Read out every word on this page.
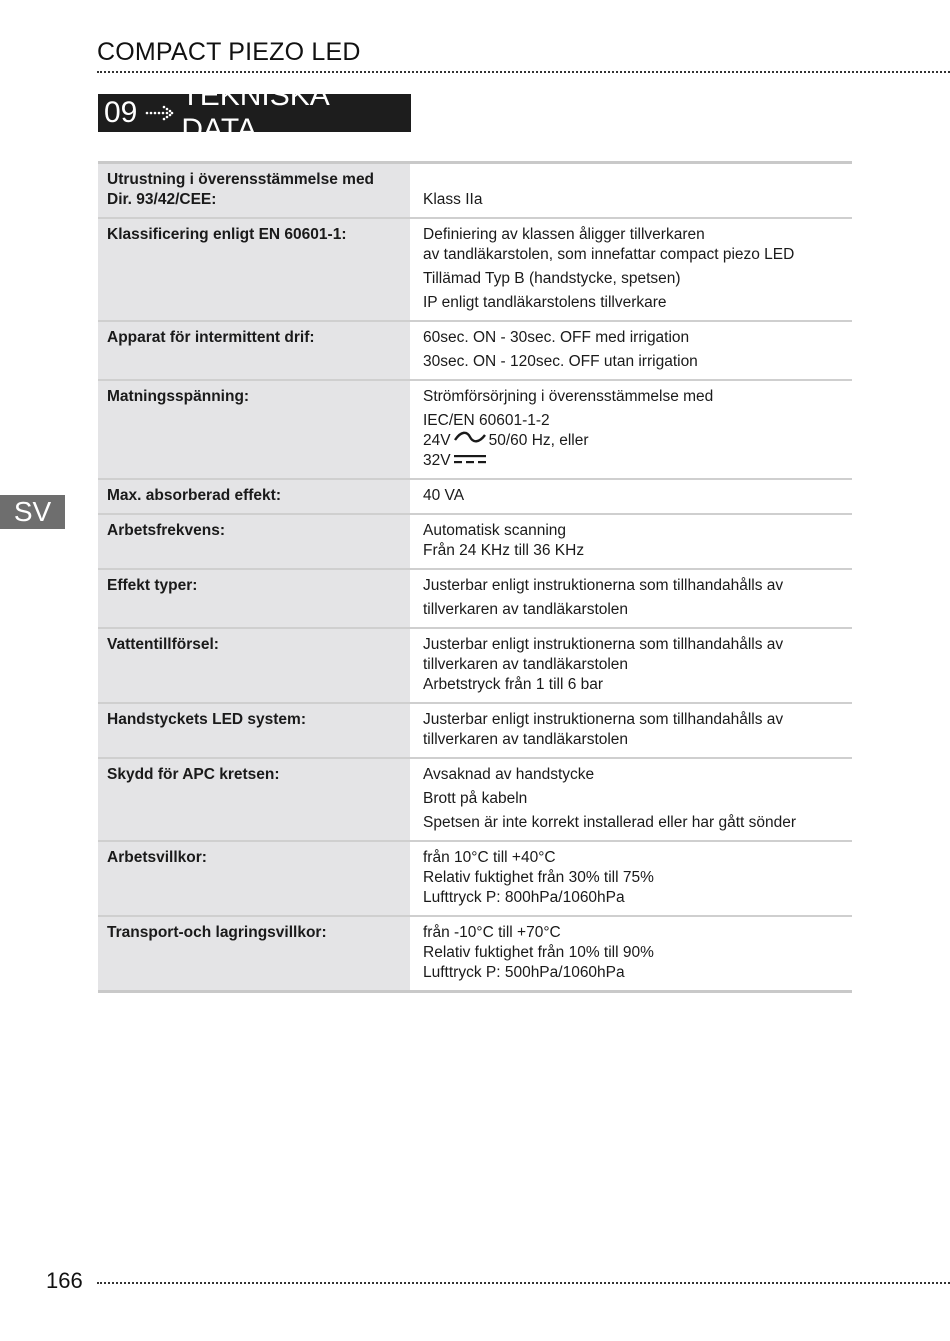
COMPACT PIEZO LED
09
TEKNISKA DATA
SV
Utrustning i överensstämmelse med
Dir. 93/42/CEE:	Klass IIa
Klassificering enligt EN 60601-1:	Definiering av klassen åligger tillverkaren
av tandläkarstolen, som innefattar compact piezo LED
Tillämad Typ B (handstycke, spetsen)
IP enligt tandläkarstolens tillverkare
Apparat för intermittent drif:	60sec. ON - 30sec. OFF med irrigation
30sec. ON - 120sec. OFF utan irrigation
Matningsspänning:	Strömförsörjning i överensstämmelse med
IEC/EN 60601-1-2
24V 50/60 Hz, eller
32V
Max. absorberad effekt:	40 VA
Arbetsfrekvens:	Automatisk scanning
Från 24 KHz till 36 KHz
Effekt typer:	Justerbar enligt instruktionerna som tillhandahålls av
tillverkaren av tandläkarstolen
Vattentillförsel:	Justerbar enligt instruktionerna som tillhandahålls av
tillverkaren av tandläkarstolen
Arbetstryck från 1 till 6 bar
Handstyckets LED system:	Justerbar enligt instruktionerna som tillhandahålls av
tillverkaren av tandläkarstolen
Skydd för APC kretsen:	Avsaknad av handstycke
Brott på kabeln
Spetsen är inte korrekt installerad eller har gått sönder
Arbetsvillkor:	från 10°C till +40°C
Relativ fuktighet från 30% till 75%
Lufttryck P: 800hPa/1060hPa
Transport-och lagringsvillkor:	från -10°C till +70°C
Relativ fuktighet från 10% till 90%
Lufttryck P: 500hPa/1060hPa
166
